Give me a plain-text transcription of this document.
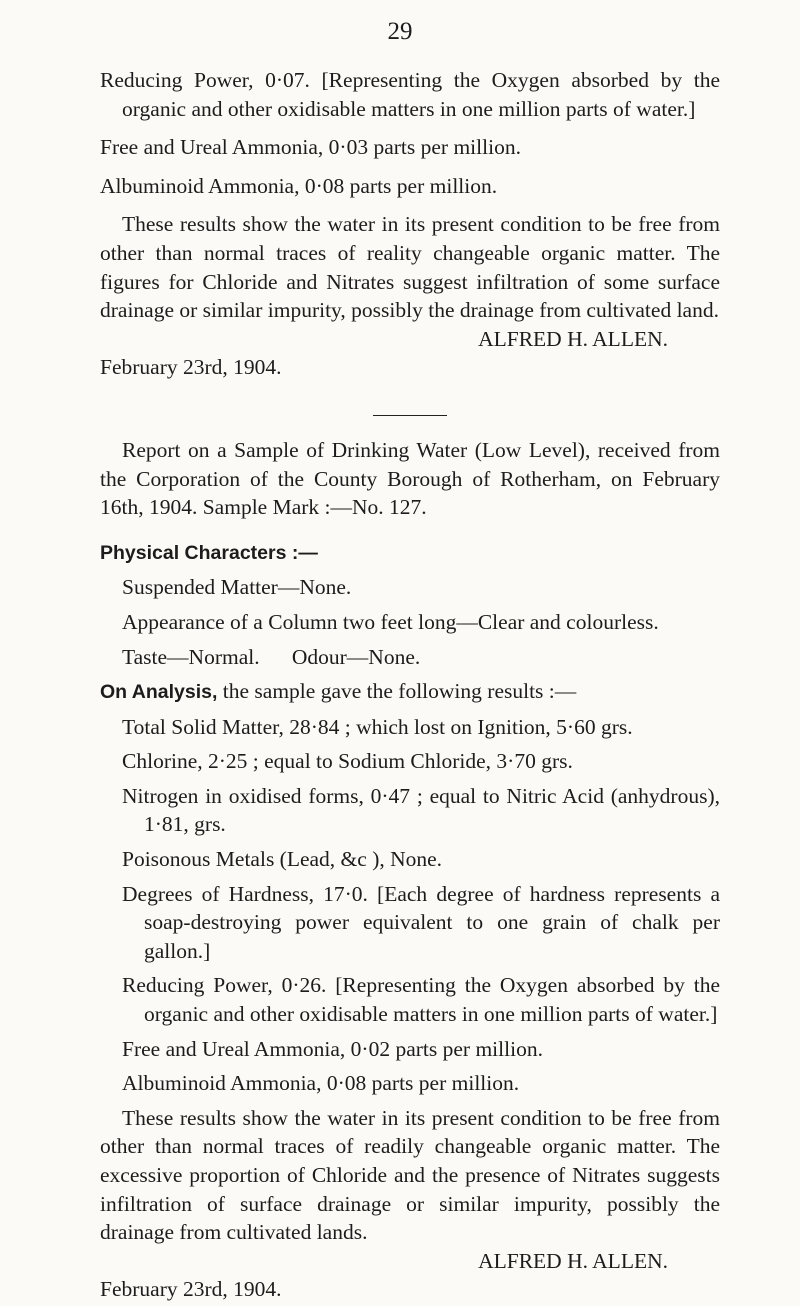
29

Reducing Power, 0·07. [Representing the Oxygen absorbed by the organic and other oxidisable matters in one million parts of water.]

Free and Ureal Ammonia, 0·03 parts per million.

Albuminoid Ammonia, 0·08 parts per million.

These results show the water in its present condition to be free from other than normal traces of reality changeable organic matter. The figures for Chloride and Nitrates suggest infiltration of some surface drainage or similar impurity, possibly the drainage from cultivated land.

ALFRED H. ALLEN.

February 23rd, 1904.

Report on a Sample of Drinking Water (Low Level), received from the Corporation of the County Borough of Rotherham, on February 16th, 1904. Sample Mark :—No. 127.

Physical Characters :—

Suspended Matter—None.

Appearance of a Column two feet long—Clear and colourless.

Taste—Normal.      Odour—None.

On Analysis, the sample gave the following results :—

Total Solid Matter, 28·84 ; which lost on Ignition, 5·60 grs.

Chlorine, 2·25 ; equal to Sodium Chloride, 3·70 grs.

Nitrogen in oxidised forms, 0·47 ; equal to Nitric Acid (anhydrous), 1·81, grs.

Poisonous Metals (Lead, &c ), None.

Degrees of Hardness, 17·0. [Each degree of hardness represents a soap-destroying power equivalent to one grain of chalk per gallon.]

Reducing Power, 0·26. [Representing the Oxygen absorbed by the organic and other oxidisable matters in one million parts of water.]

Free and Ureal Ammonia, 0·02 parts per million.

Albuminoid Ammonia, 0·08 parts per million.

These results show the water in its present condition to be free from other than normal traces of readily changeable organic matter. The excessive proportion of Chloride and the presence of Nitrates suggests infiltration of surface drainage or similar impurity, possibly the drainage from cultivated lands.

ALFRED H. ALLEN.

February 23rd, 1904.
